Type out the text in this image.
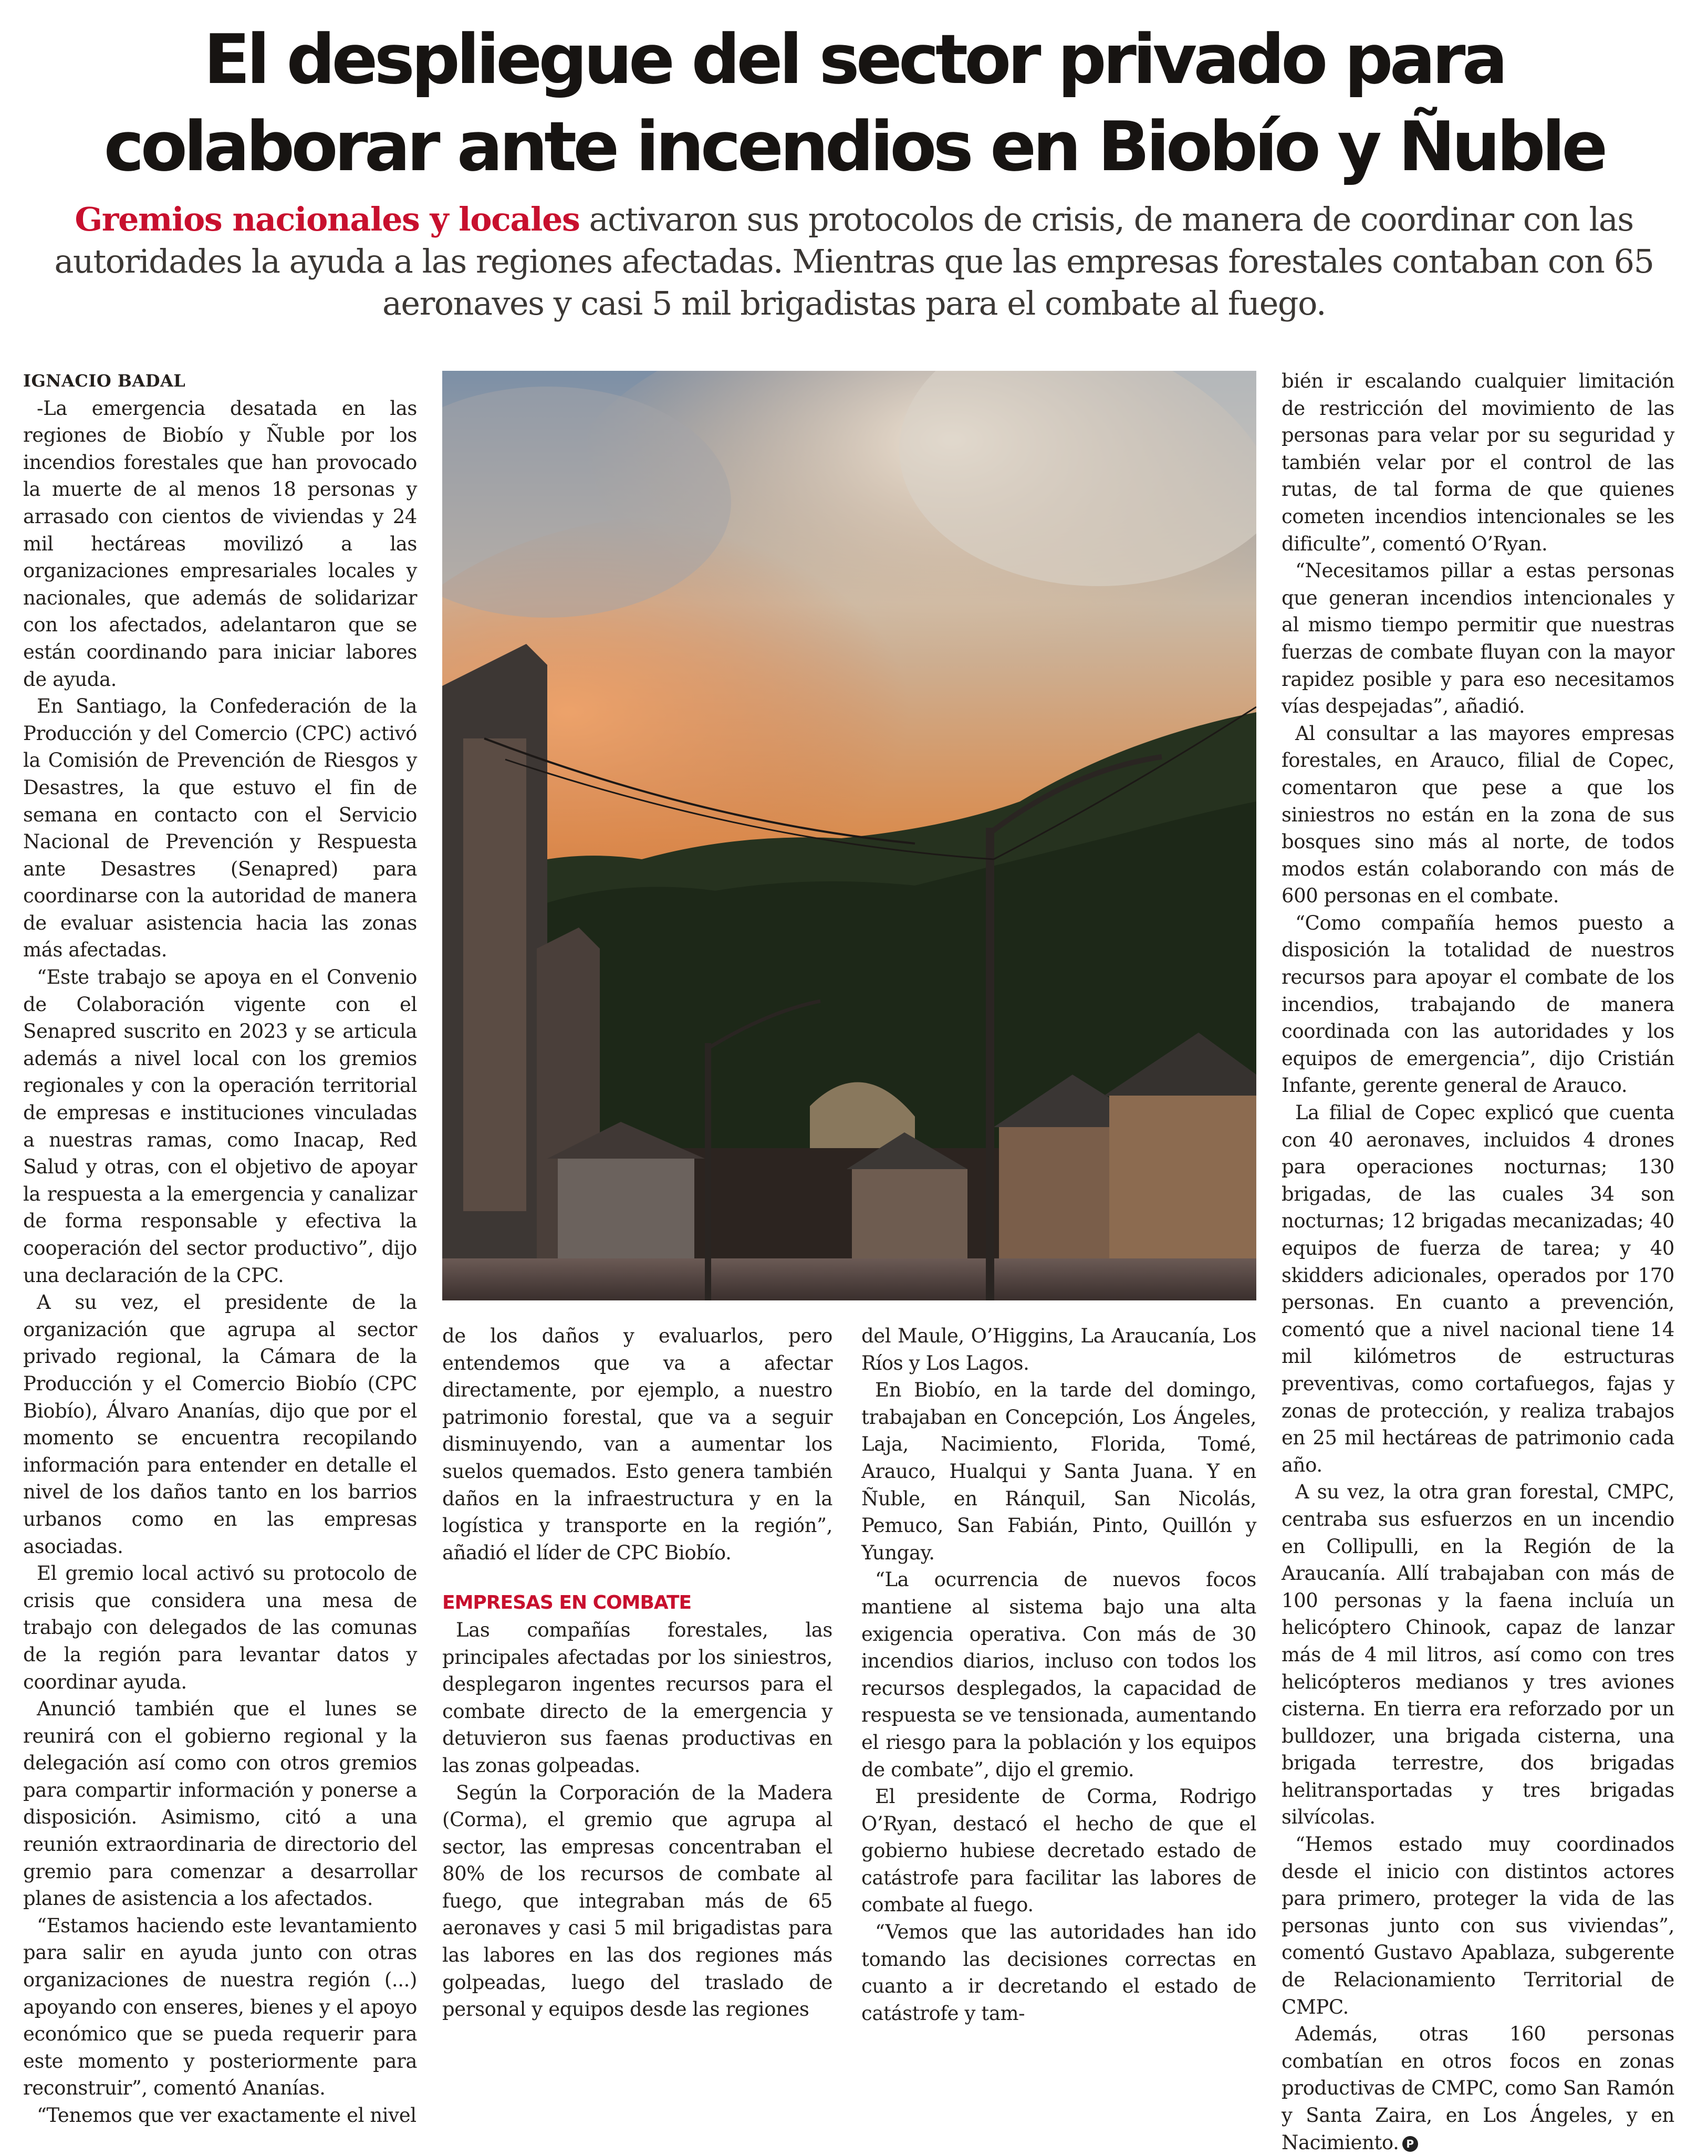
El despliegue del sector privado para colaborar ante incendios en Biobío y Ñuble

Gremios nacionales y locales activaron sus protocolos de crisis, de manera de coordinar con las autoridades la ayuda a las regiones afectadas. Mientras que las empresas forestales contaban con 65 aeronaves y casi 5 mil brigadistas para el combate al fuego.

IGNACIO BADAL

-La emergencia desatada en las regiones de Biobío y Ñuble por los incendios forestales que han provocado la muerte de al menos 18 personas y arrasado con cientos de viviendas y 24 mil hectáreas movilizó a las organizaciones empresariales locales y nacionales, que además de solidarizar con los afectados, adelantaron que se están coordinando para iniciar labores de ayuda.

En Santiago, la Confederación de la Producción y del Comercio (CPC) activó la Comisión de Prevención de Riesgos y Desastres, la que estuvo el fin de semana en contacto con el Servicio Nacional de Prevención y Respuesta ante Desastres (Senapred) para coordinarse con la autoridad de manera de evaluar asistencia hacia las zonas más afectadas.

“Este trabajo se apoya en el Convenio de Colaboración vigente con el Senapred suscrito en 2023 y se articula además a nivel local con los gremios regionales y con la operación territorial de empresas e instituciones vinculadas a nuestras ramas, como Inacap, Red Salud y otras, con el objetivo de apoyar la respuesta a la emergencia y canalizar de forma responsable y efectiva la cooperación del sector productivo”, dijo una declaración de la CPC.

A su vez, el presidente de la organización que agrupa al sector privado regional, la Cámara de la Producción y el Comercio Biobío (CPC Biobío), Álvaro Ananías, dijo que por el momento se encuentra recopilando información para entender en detalle el nivel de los daños tanto en los barrios urbanos como en las empresas asociadas.

El gremio local activó su protocolo de crisis que considera una mesa de trabajo con delegados de las comunas de la región para levantar datos y coordinar ayuda.

Anunció también que el lunes se reunirá con el gobierno regional y la delegación así como con otros gremios para compartir información y ponerse a disposición. Asimismo, citó a una reunión extraordinaria de directorio del gremio para comenzar a desarrollar planes de asistencia a los afectados.

“Estamos haciendo este levantamiento para salir en ayuda junto con otras organizaciones de nuestra región (...) apoyando con enseres, bienes y el apoyo económico que se pueda requerir para este momento y posteriormente para reconstruir”, comentó Ananías.

“Tenemos que ver exactamente el nivel

de los daños y evaluarlos, pero entendemos que va a afectar directamente, por ejemplo, a nuestro patrimonio forestal, que va a seguir disminuyendo, van a aumentar los suelos quemados. Esto genera también daños en la infraestructura y en la logística y transporte en la región”, añadió el líder de CPC Biobío.

EMPRESAS EN COMBATE

Las compañías forestales, las principales afectadas por los siniestros, desplegaron ingentes recursos para el combate directo de la emergencia y detuvieron sus faenas productivas en las zonas golpeadas.

Según la Corporación de la Madera (Corma), el gremio que agrupa al sector, las empresas concentraban el 80% de los recursos de combate al fuego, que integraban más de 65 aeronaves y casi 5 mil brigadistas para las labores en las dos regiones más golpeadas, luego del traslado de personal y equipos desde las regiones

del Maule, O’Higgins, La Araucanía, Los Ríos y Los Lagos.

En Biobío, en la tarde del domingo, trabajaban en Concepción, Los Ángeles, Laja, Nacimiento, Florida, Tomé, Arauco, Hualqui y Santa Juana. Y en Ñuble, en Ránquil, San Nicolás, Pemuco, San Fabián, Pinto, Quillón y Yungay.

“La ocurrencia de nuevos focos mantiene al sistema bajo una alta exigencia operativa. Con más de 30 incendios diarios, incluso con todos los recursos desplegados, la capacidad de respuesta se ve tensionada, aumentando el riesgo para la población y los equipos de combate”, dijo el gremio.

El presidente de Corma, Rodrigo O’Ryan, destacó el hecho de que el gobierno hubiese decretado estado de catástrofe para facilitar las labores de combate al fuego.

“Vemos que las autoridades han ido tomando las decisiones correctas en cuanto a ir decretando el estado de catástrofe y tam-

bién ir escalando cualquier limitación de restricción del movimiento de las personas para velar por su seguridad y también velar por el control de las rutas, de tal forma de que quienes cometen incendios intencionales se les dificulte”, comentó O’Ryan.

“Necesitamos pillar a estas personas que generan incendios intencionales y al mismo tiempo permitir que nuestras fuerzas de combate fluyan con la mayor rapidez posible y para eso necesitamos vías despejadas”, añadió.

Al consultar a las mayores empresas forestales, en Arauco, filial de Copec, comentaron que pese a que los siniestros no están en la zona de sus bosques sino más al norte, de todos modos están colaborando con más de 600 personas en el combate.

“Como compañía hemos puesto a disposición la totalidad de nuestros recursos para apoyar el combate de los incendios, trabajando de manera coordinada con las autoridades y los equipos de emergencia”, dijo Cristián Infante, gerente general de Arauco.

La filial de Copec explicó que cuenta con 40 aeronaves, incluidos 4 drones para operaciones nocturnas; 130 brigadas, de las cuales 34 son nocturnas; 12 brigadas mecanizadas; 40 equipos de fuerza de tarea; y 40 skidders adicionales, operados por 170 personas. En cuanto a prevención, comentó que a nivel nacional tiene 14 mil kilómetros de estructuras preventivas, como cortafuegos, fajas y zonas de protección, y realiza trabajos en 25 mil hectáreas de patrimonio cada año.

A su vez, la otra gran forestal, CMPC, centraba sus esfuerzos en un incendio en Collipulli, en la Región de la Araucanía. Allí trabajaban con más de 100 personas y la faena incluía un helicóptero Chinook, capaz de lanzar más de 4 mil litros, así como con tres helicópteros medianos y tres aviones cisterna. En tierra era reforzado por un bulldozer, una brigada cisterna, una brigada terrestre, dos brigadas helitransportadas y tres brigadas silvícolas.

“Hemos estado muy coordinados desde el inicio con distintos actores para primero, proteger la vida de las personas junto con sus viviendas”, comentó Gustavo Apablaza, subgerente de Relacionamiento Territorial de CMPC.

Además, otras 160 personas combatían en otros focos en zonas productivas de CMPC, como San Ramón y Santa Zaira, en Los Ángeles, y en Nacimiento. P
